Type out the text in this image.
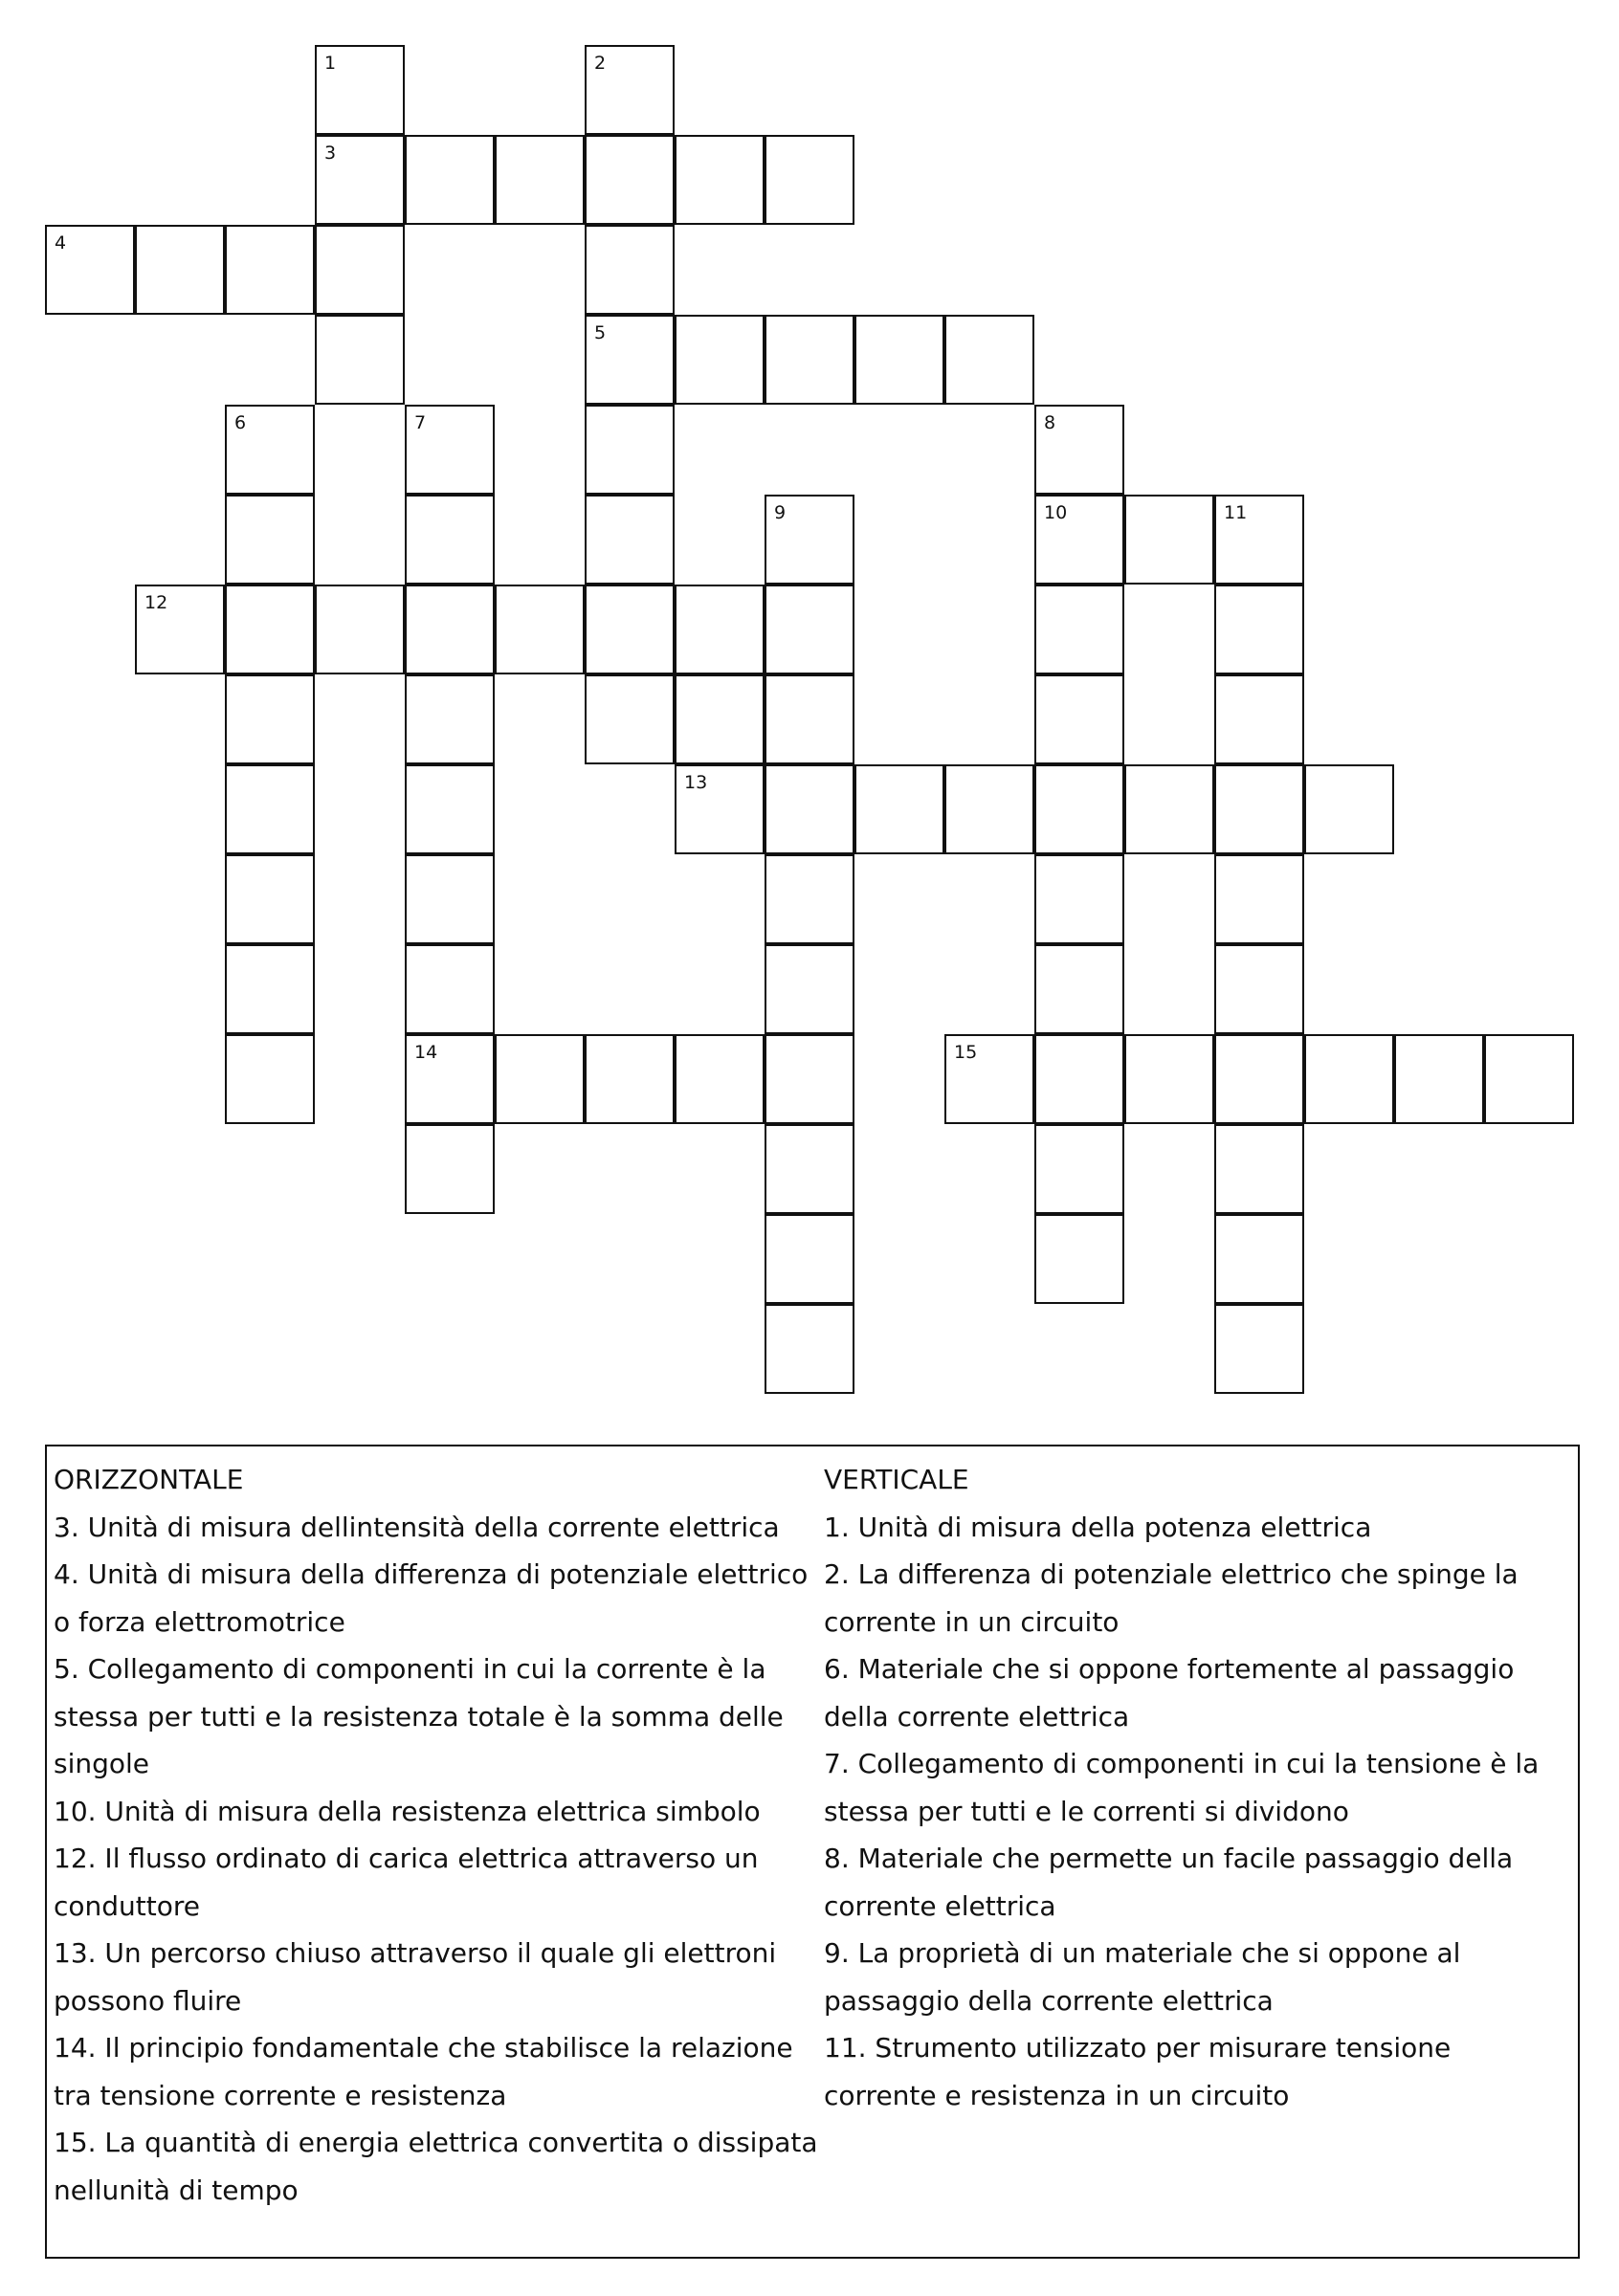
1	2
3
4
5
6	7	8
9	10	11
12
13
14	15

ORIZZONTALE

3. Unità di misura dellintensità della corrente elettrica

4. Unità di misura della differenza di potenziale elettrico o forza elettromotrice

5. Collegamento di componenti in cui la corrente è la stessa per tutti e la resistenza totale è la somma delle singole

10. Unità di misura della resistenza elettrica simbolo

12. Il flusso ordinato di carica elettrica attraverso un conduttore

13. Un percorso chiuso attraverso il quale gli elettroni possono fluire

14. Il principio fondamentale che stabilisce la relazione tra tensione corrente e resistenza

15. La quantità di energia elettrica convertita o dissipata nellunità di tempo

VERTICALE

1. Unità di misura della potenza elettrica

2. La differenza di potenziale elettrico che spinge la corrente in un circuito

6. Materiale che si oppone fortemente al passaggio della corrente elettrica

7. Collegamento di componenti in cui la tensione è la stessa per tutti e le correnti si dividono

8. Materiale che permette un facile passaggio della corrente elettrica

9. La proprietà di un materiale che si oppone al passaggio della corrente elettrica

11. Strumento utilizzato per misurare tensione corrente e resistenza in un circuito
